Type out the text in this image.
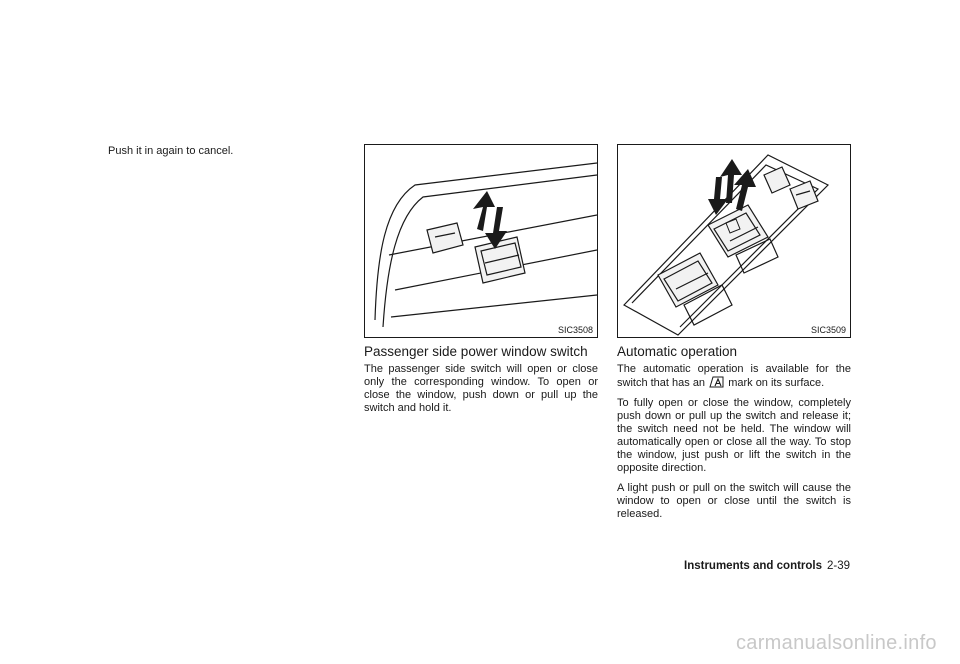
Push it in again to cancel.
SIC3508
Passenger side power window switch
The passenger side switch will open or close only the corresponding window. To open or close the window, push down or pull up the switch and hold it.
SIC3509
Automatic operation

The automatic operation is available for the switch that has an mark on its surface.

To fully open or close the window, completely push down or pull up the switch and release it; the switch need not be held. The window will automatically open or close all the way. To stop the window, just push or lift the switch in the opposite direction.

A light push or pull on the switch will cause the window to open or close until the switch is released.

Instruments and controls 2-39
carmanualsonline.info
